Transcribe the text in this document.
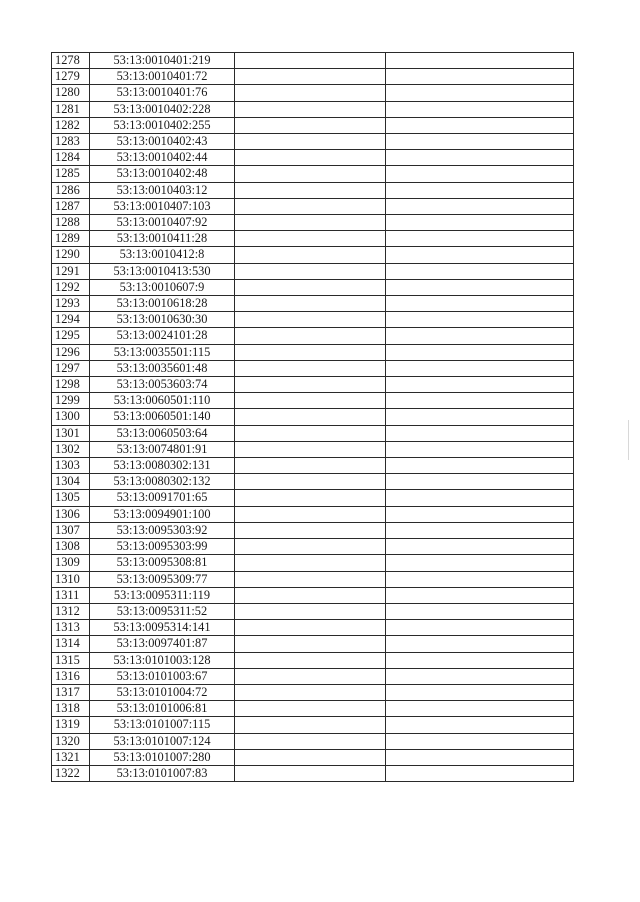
1278	53:13:0010401:219		
1279	53:13:0010401:72		
1280	53:13:0010401:76		
1281	53:13:0010402:228		
1282	53:13:0010402:255		
1283	53:13:0010402:43		
1284	53:13:0010402:44		
1285	53:13:0010402:48		
1286	53:13:0010403:12		
1287	53:13:0010407:103		
1288	53:13:0010407:92		
1289	53:13:0010411:28		
1290	53:13:0010412:8		
1291	53:13:0010413:530		
1292	53:13:0010607:9		
1293	53:13:0010618:28		
1294	53:13:0010630:30		
1295	53:13:0024101:28		
1296	53:13:0035501:115		
1297	53:13:0035601:48		
1298	53:13:0053603:74		
1299	53:13:0060501:110		
1300	53:13:0060501:140		
1301	53:13:0060503:64		
1302	53:13:0074801:91		
1303	53:13:0080302:131		
1304	53:13:0080302:132		
1305	53:13:0091701:65		
1306	53:13:0094901:100		
1307	53:13:0095303:92		
1308	53:13:0095303:99		
1309	53:13:0095308:81		
1310	53:13:0095309:77		
1311	53:13:0095311:119		
1312	53:13:0095311:52		
1313	53:13:0095314:141		
1314	53:13:0097401:87		
1315	53:13:0101003:128		
1316	53:13:0101003:67		
1317	53:13:0101004:72		
1318	53:13:0101006:81		
1319	53:13:0101007:115		
1320	53:13:0101007:124		
1321	53:13:0101007:280		
1322	53:13:0101007:83		
